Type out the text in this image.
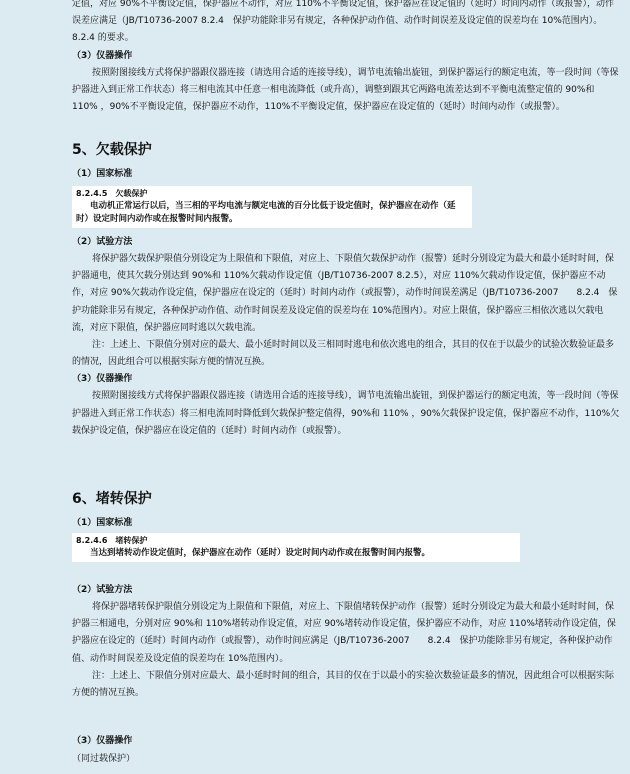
定值，对应 90%不平衡设定值，保护器应不动作，对应 110%不平衡设定值，保护器应在设定值的（延时）时间内动作（或报警），动作误差应满足（JB/T10736-2007 8.2.4　保护功能除非另有规定，各种保护动作值、动作时间误差及设定值的误差均在 10%范围内）。8.2.4 的要求。

（3）仪器操作

按照附图接线方式将保护器跟仪器连接（请选用合适的连接导线），调节电流输出旋钮，到保护器运行的额定电流，等一段时间（等保护器进入到正常工作状态）将三相电流其中任意一相电流降低（或升高），调整到跟其它两路电流差达到不平衡电流整定值的 90%和 110% ，90%不平衡设定值，保护器应不动作，110%不平衡设定值，保护器应在设定值的（延时）时间内动作（或报警）。

5、欠载保护
（1）国家标准
8.2.4.5 欠载保护
电动机正常运行以后，当三相的平均电流与额定电流的百分比低于设定值时，保护器应在动作（延时）设定时间内动作或在报警时间内报警。
（2）试验方法

将保护器欠载保护限值分别设定为上限值和下限值，对应上、下限值欠载保护动作（报警）延时分别设定为最大和最小延时时间，保护器通电，使其欠载分别达到 90%和 110%欠载动作设定值（JB/T10736-2007 8.2.5），对应 110%欠载动作设定值，保护器应不动作，对应 90%欠载动作设定值，保护器应在设定的（延时）时间内动作（或报警），动作时间误差满足（JB/T10736-2007　　8.2.4　保护功能除非另有规定，各种保护动作值、动作时间误差及设定值的误差均在 10%范围内）。对应上限值，保护器应三相依次逃以欠载电流，对应下限值，保护器应同时逃以欠载电流。

注：上述上、下限值分别对应的最大、最小延时时间以及三相同时逃电和依次逃电的组合，其目的仅在于以最少的试验次数验证最多的情况，因此组合可以根据实际方便的情况互换。

（3）仪器操作

按照附图接线方式将保护器跟仪器连接（请选用合适的连接导线），调节电流输出旋钮，到保护器运行的额定电流，等一段时间（等保护器进入到正常工作状态）将三相电流同时降低到欠载保护整定值得，90%和 110% ，90%欠载保护设定值，保护器应不动作，110%欠载保护设定值，保护器应在设定值的（延时）时间内动作（或报警）。

6、堵转保护
（1）国家标准
8.2.4.6 堵转保护
当达到堵转动作设定值时，保护器应在动作（延时）设定时间内动作或在报警时间内报警。
（2）试验方法

将保护器堵转保护限值分别设定为上限值和下限值，对应上、下限值堵转保护动作（报警）延时分别设定为最大和最小延时时间，保护器三相通电，分别对应 90%和 110%堵转动作设定值，对应 90%堵转动作设定值，保护器应不动作，对应 110%堵转动作设定值，保护器应在设定的（延时）时间内动作（或报警），动作时间应满足（JB/T10736-2007　　8.2.4　保护功能除非另有规定，各种保护动作值、动作时间误差及设定值的误差均在 10%范围内）。

注：上述上、下限值分别对应最大、最小延时时间的组合，其目的仅在于以最小的实验次数验证最多的情况，因此组合可以根据实际方便的情况互换。

（3）仪器操作

（同过载保护）
